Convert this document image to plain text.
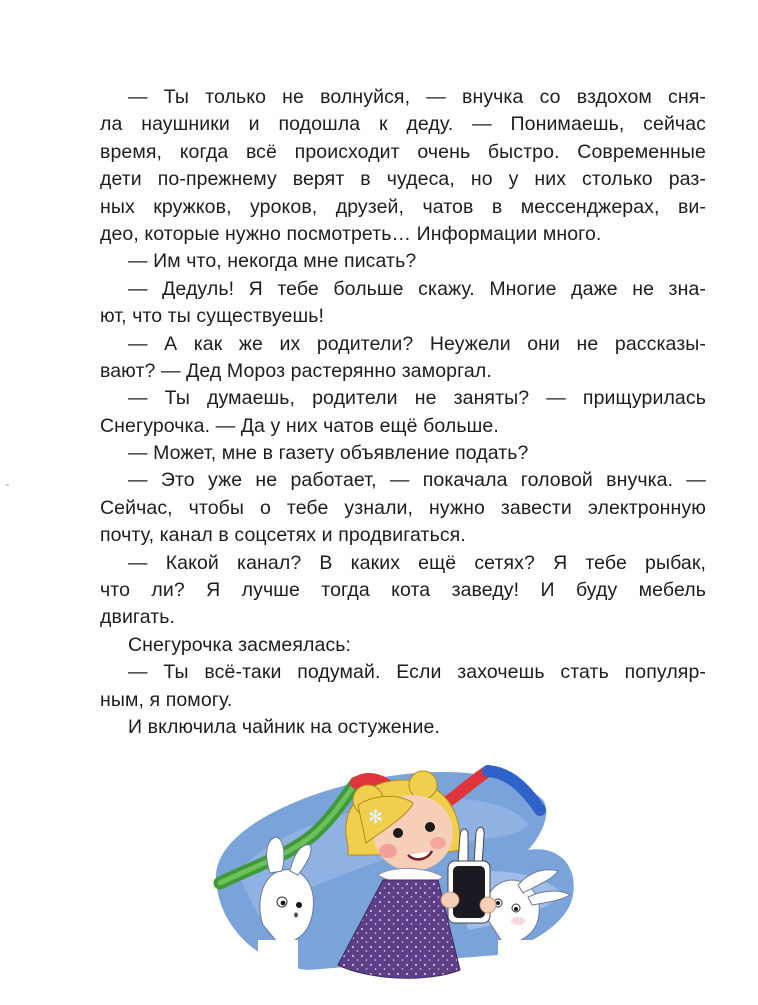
— Ты только не волнуйся, — внучка со вздохом сня-
ла наушники и подошла к деду. — Понимаешь, сейчас
время, когда всё происходит очень быстро. Современные
дети по-прежнему верят в чудеса, но у них столько раз-
ных кружков, уроков, друзей, чатов в мессенджерах, ви-
део, которые нужно посмотреть… Информации много.
— Им что, некогда мне писать?
— Дедуль! Я тебе больше скажу. Многие даже не зна-
ют, что ты существуешь!
— А как же их родители? Неужели они не рассказы-
вают? — Дед Мороз растерянно заморгал.
— Ты думаешь, родители не заняты? — прищурилась
Снегурочка. — Да у них чатов ещё больше.
— Может, мне в газету объявление подать?
— Это уже не работает, — покачала головой внучка. —
Сейчас, чтобы о тебе узнали, нужно завести электронную
почту, канал в соцсетях и продвигаться.
— Какой канал? В каких ещё сетях? Я тебе рыбак,
что ли? Я лучше тогда кота заведу! И буду мебель
двигать.
Снегурочка засмеялась:
— Ты всё-таки подумай. Если захочешь стать популяр-
ным, я помогу.
И включила чайник на остужение.
✻
